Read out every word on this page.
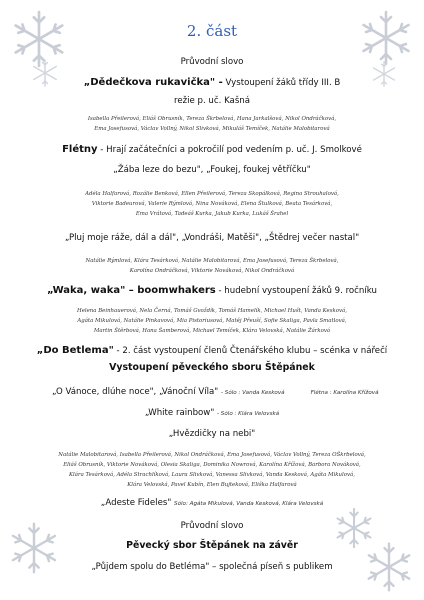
2. část
Průvodní slovo
„Dědečkova rukavička" - Vystoupení žáků třídy III. B
režie p. uč. Kašná
Isabella Přeilerová, Eliáš Obrusník, Tereza Škrbelová, Hana Jarkalšová, Nikol Ondráčková,
Ema Josefusová, Václav Vollný, Nikol Slivková, Mikuláš Temíček, Natálie Malobitarová
Flétny - Hrají začátečníci a pokročilí pod vedením p. uč. J. Smolkové
„Žába leze do bezu", „Foukej, foukej větříčku"
Adéla Halfarová, Rozálie Benková, Ellen Přeilerová, Tereza Skopálková, Regina Strouhalová,
Viktorie Badeurová, Valerie Rýmlová, Nina Nováková, Elena Štulková, Beata Tesárková,
Ema Vrátová, Tadeáš Kurka, Jakub Kurka, Lukáš Šrahel
„Pluj moje ráže, dál a dál", „Vondráši, Matěši", „Štědrej večer nastal"
Natálie Rýmlová, Klára Tesárková, Natálie Malobitarová, Ema Josefusová, Tereza Škrbelová,
Karolína Ondráčková, Viktorie Nováková, Nikol Ondráčková
„Waka, waka" – boomwhakers - hudební vystoupení žáků 9. ročníku
Helena Beinhauerová, Nela Černá, Tomáš Gvoždík, Tomáš Hamelík, Michael Hušt, Vanda Kesková,
Agáta Mikulová, Natálie Pinkavová, Mia Pistoriusová, Matěj Přeuší, Sofie Skaliga, Pavla Smatlová,
Martin Štěrbová, Hana Šamberová, Michael Temíček, Klára Velovská, Natálie Žárková
„Do Betlema" - 2. část vystoupení členů Čtenářského klubu – scénka v nářečí
Vystoupení pěveckého sboru Štěpánek
„O Vánoce, dlúhe noce", „Vánoční Víla" - Sólo : Vanda Kesková	Flétna : Karolína Křížová
„White rainbow" - Sólo : Klára Velovská
„Hvězdičky na nebi"
Natálie Malobitarová, Isabella Přeilerová, Nikol Ondráčková, Ema Josefusová, Václav Vollný, Tereza OŠkrbelová,
Eliáš Obrusník, Viktorie Nováková, Olesia Skaliga, Dominika Nowrová, Karolína Křížová, Barbora Nováková,
Klára Tesárková, Adéla Strachlíková, Laura Slivková, Vanessa Slivková, Vanda Kesková, Agáta Mikulová,
Klára Velovská, Pavel Kubín, Elen Bujteková, Eliška Halfarová
„Adeste Fideles" Sólo: Agáta Mikulová, Vanda Kesková, Klára Velovská
Průvodní slovo
Pěvecký sbor Štěpánek na závěr
„Půjdem spolu do Betléma" – společná píseň s publikem
